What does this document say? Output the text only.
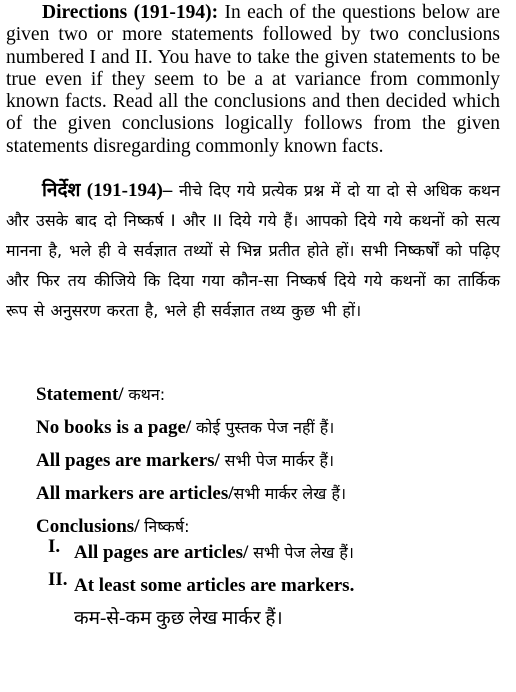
Directions (191-194): In each of the questions below are given two or more statements followed by two conclusions numbered I and II. You have to take the given statements to be true even if they seem to be a at variance from commonly known facts. Read all the conclusions and then decided which of the given conclusions logically follows from the given statements disregarding commonly known facts.

निर्देश (191-194)– नीचे दिए गये प्रत्येक प्रश्न में दो या दो से अधिक कथन और उसके बाद दो निष्कर्ष I और II दिये गये हैं। आपको दिये गये कथनों को सत्य मानना है, भले ही वे सर्वज्ञात तथ्यों से भिन्न प्रतीत होते हों। सभी निष्कर्षों को पढ़िए और फिर तय कीजिये कि दिया गया कौन-सा निष्कर्ष दिये गये कथनों का तार्किक रूप से अनुसरण करता है, भले ही सर्वज्ञात तथ्य कुछ भी हों।

Statement/ कथन:
No books is a page/ कोई पुस्तक पेज नहीं हैं।
All pages are markers/ सभी पेज मार्कर हैं।
All markers are articles/सभी मार्कर लेख हैं।
Conclusions/ निष्कर्ष:
I. All pages are articles/ सभी पेज लेख हैं।
II. At least some articles are markers.
कम-से-कम कुछ लेख मार्कर हैं।
